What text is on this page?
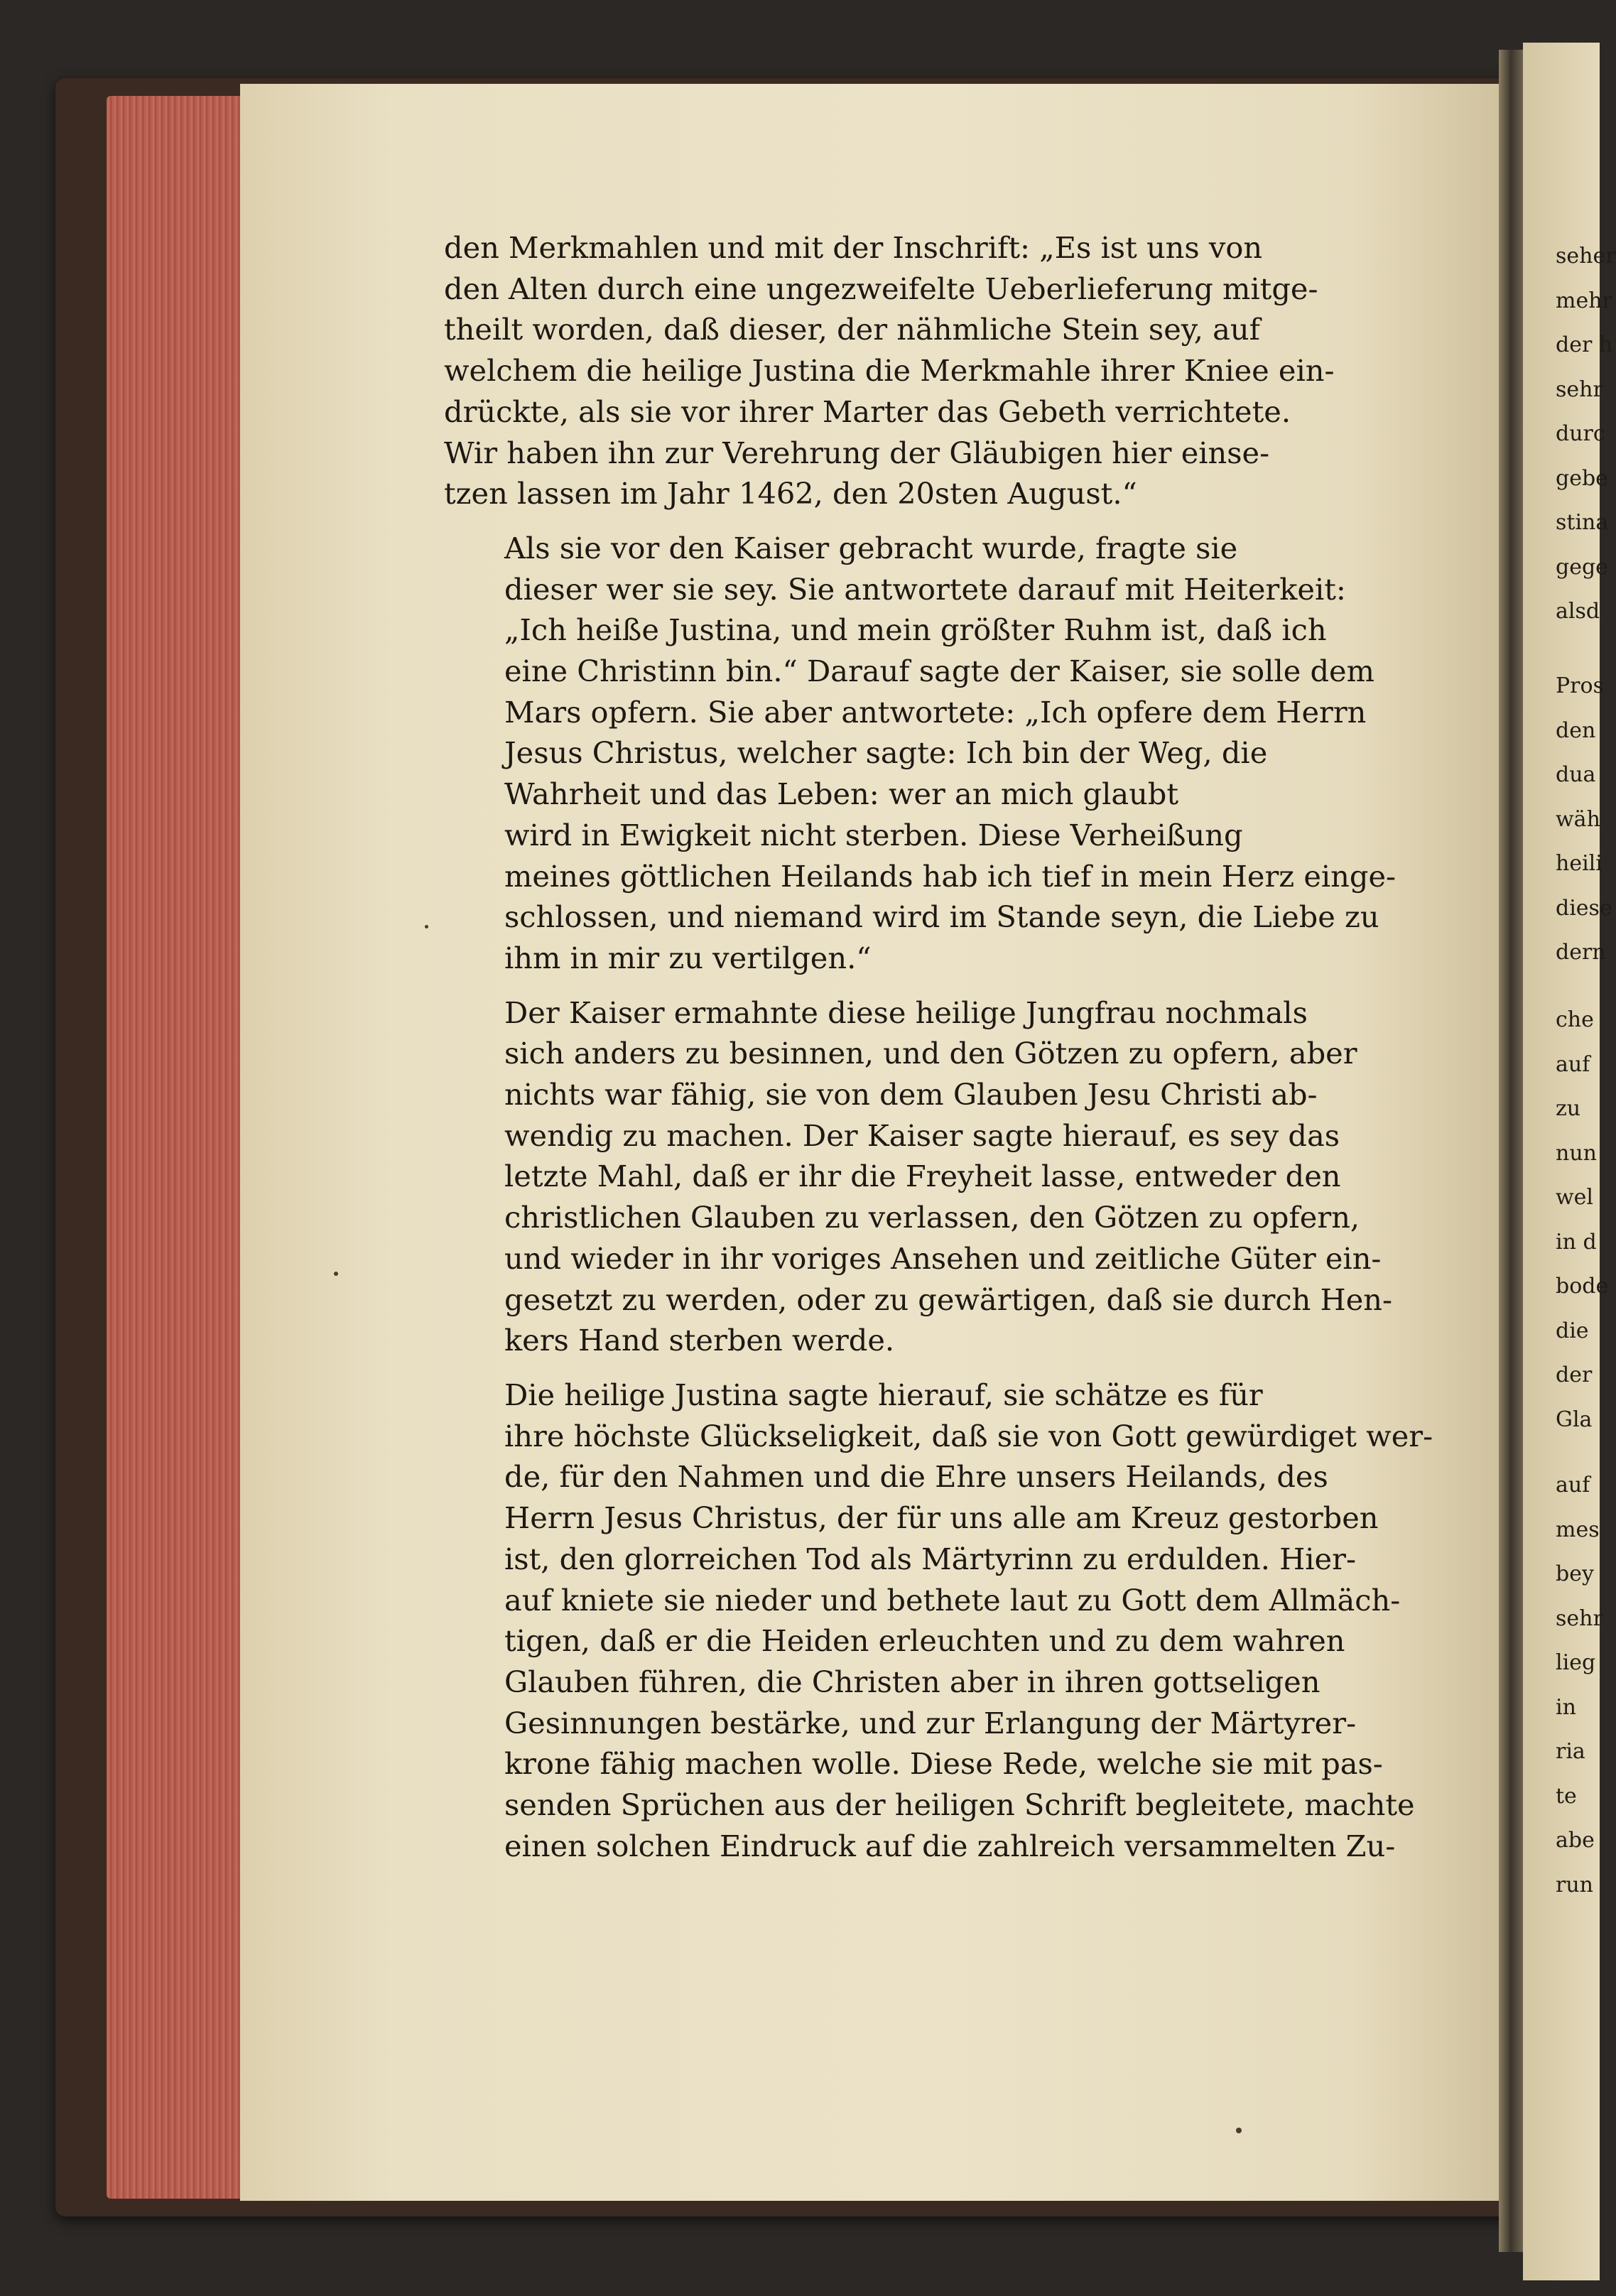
den Merkmahlen und mit der Inschrift: „Es ist uns von
den Alten durch eine ungezweifelte Ueberlieferung mitge-
theilt worden, daß dieser, der nähmliche Stein sey, auf
welchem die heilige Justina die Merkmahle ihrer Kniee ein-
drückte, als sie vor ihrer Marter das Gebeth verrichtete.
Wir haben ihn zur Verehrung der Gläubigen hier einse-
tzen lassen im Jahr 1462, den 20sten August.“

Als sie vor den Kaiser gebracht wurde, fragte sie
dieser wer sie sey. Sie antwortete darauf mit Heiterkeit:
„Ich heiße Justina, und mein größter Ruhm ist, daß ich
eine Christinn bin.“ Darauf sagte der Kaiser, sie solle dem
Mars opfern. Sie aber antwortete: „Ich opfere dem Herrn
Jesus Christus, welcher sagte: Ich bin der Weg, die
Wahrheit und das Leben: wer an mich glaubt
wird in Ewigkeit nicht sterben. Diese Verheißung
meines göttlichen Heilands hab ich tief in mein Herz einge-
schlossen, und niemand wird im Stande seyn, die Liebe zu
ihm in mir zu vertilgen.“

Der Kaiser ermahnte diese heilige Jungfrau nochmals
sich anders zu besinnen, und den Götzen zu opfern, aber
nichts war fähig, sie von dem Glauben Jesu Christi ab-
wendig zu machen. Der Kaiser sagte hierauf, es sey das
letzte Mahl, daß er ihr die Freyheit lasse, entweder den
christlichen Glauben zu verlassen, den Götzen zu opfern,
und wieder in ihr voriges Ansehen und zeitliche Güter ein-
gesetzt zu werden, oder zu gewärtigen, daß sie durch Hen-
kers Hand sterben werde.

Die heilige Justina sagte hierauf, sie schätze es für
ihre höchste Glückseligkeit, daß sie von Gott gewürdiget wer-
de, für den Nahmen und die Ehre unsers Heilands, des
Herrn Jesus Christus, der für uns alle am Kreuz gestorben
ist, den glorreichen Tod als Märtyrinn zu erdulden. Hier-
auf kniete sie nieder und bethete laut zu Gott dem Allmäch-
tigen, daß er die Heiden erleuchten und zu dem wahren
Glauben führen, die Christen aber in ihren gottseligen
Gesinnungen bestärke, und zur Erlangung der Märtyrer-
krone fähig machen wolle. Diese Rede, welche sie mit pas-
senden Sprüchen aus der heiligen Schrift begleitete, machte
einen solchen Eindruck auf die zahlreich versammelten Zu-

seher
mehr
der h
sehr
durc
gebe
stina
gege
alsd
Pros
den
dua
wäh
heili
diese
dern
che
auf
zu
nun
wel
in d
bode
die
der
Gla
auf
mes
bey
sehr
lieg
in
ria
te
abe
run
